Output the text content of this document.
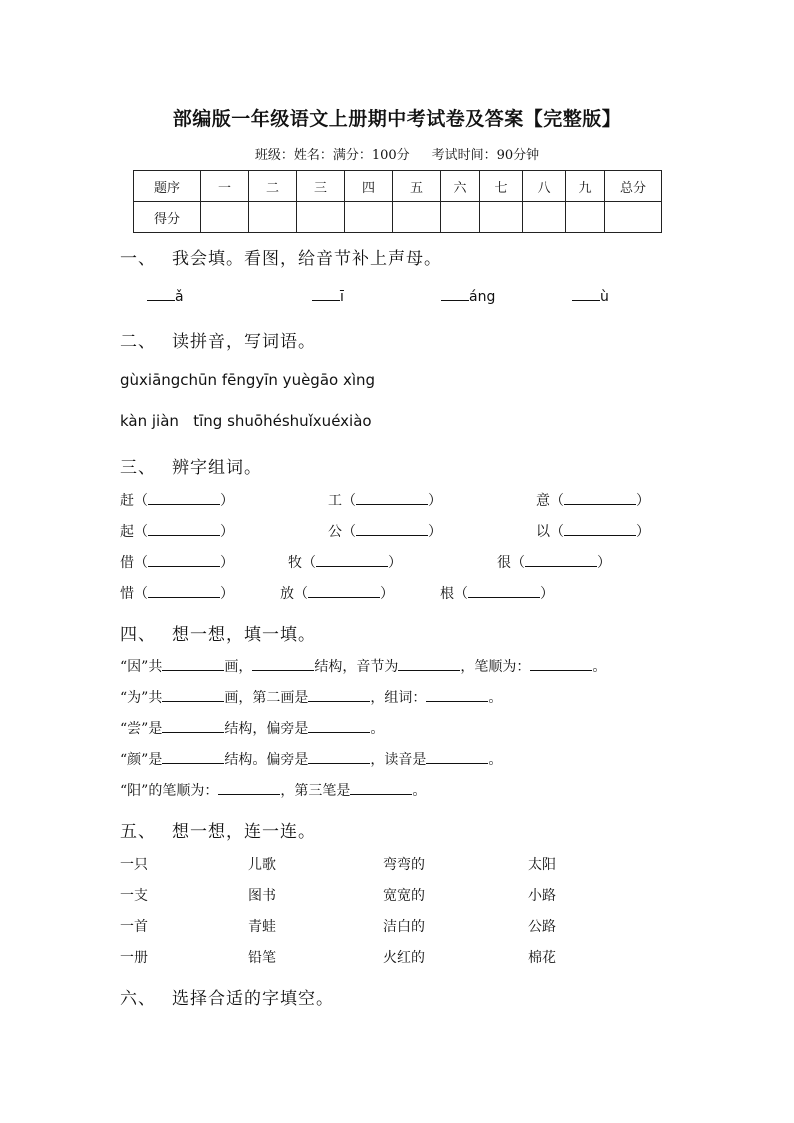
部编版一年级语文上册期中考试卷及答案【完整版】
班级：姓名：满分：100分 考试时间：90分钟
题序	一	二	三	四	五	六	七	八	九	总分
得分										
一、 我会填。看图，给音节补上声母。
ǎ	ī	áng	ù
二、 读拼音，写词语。
gùxiāngchūn fēngyīn yuègāo xìng
kàn jiàn   tīng shuōhéshuǐxuéxiào
三、 辨字组词。
赶（	）	工（	）	意（	）
起（	）	公（	）	以（	）
借（	）	牧（	）	很（	）
惜（	）	放（	）	根（	）
四、 想一想，填一填。
“因”共	画，	结构，音节为	，笔顺为：	。
“为”共	画，第二画是	，组词：	。
“尝”是	结构，偏旁是	。
“颜”是	结构。偏旁是	，读音是	。
“阳”的笔顺为：	，第三笔是	。
五、 想一想，连一连。
一只	儿歌	弯弯的	太阳
一支	图书	宽宽的	小路
一首	青蛙	洁白的	公路
一册	铅笔	火红的	棉花
六、 选择合适的字填空。
